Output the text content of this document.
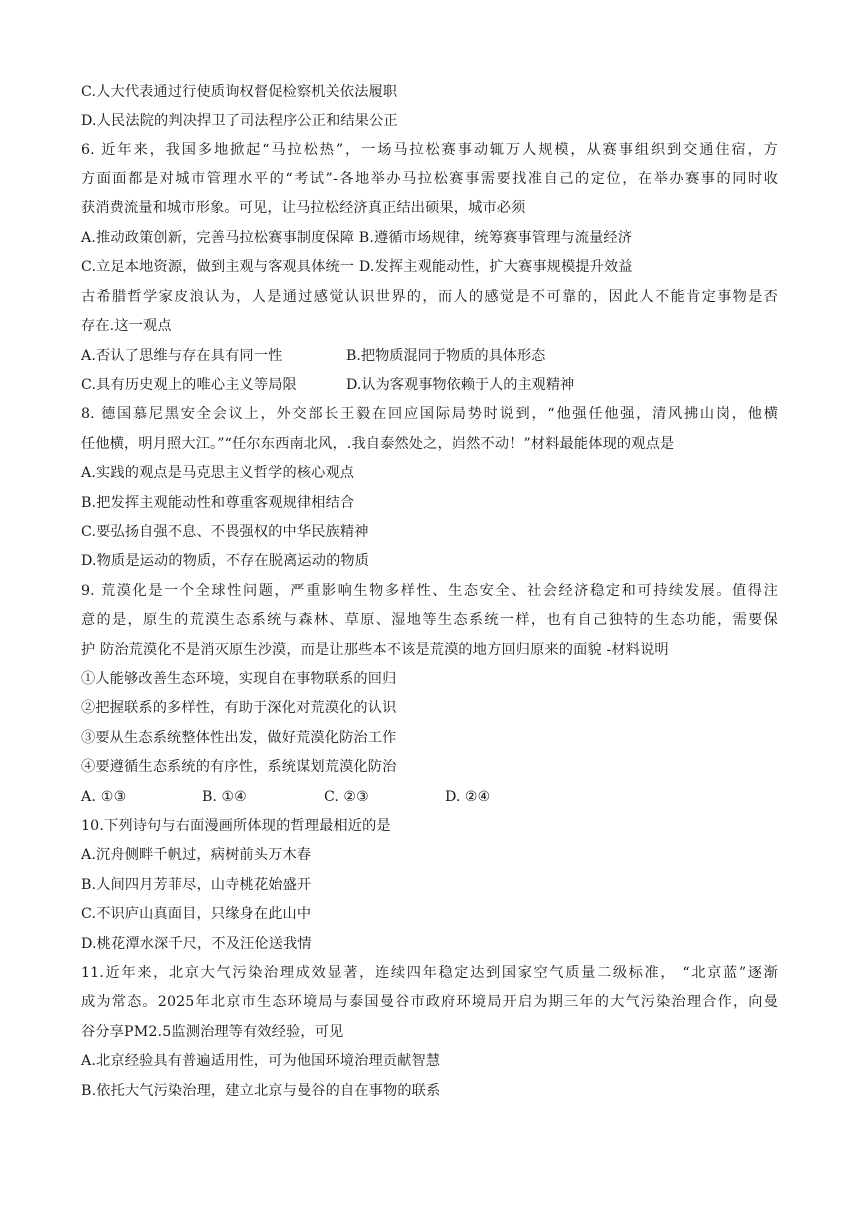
C.人大代表通过行使质询权督促检察机关依法履职
D.人民法院的判决捍卫了司法程序公正和结果公正
6. 近年来，我国多地掀起“马拉松热”，一场马拉松赛事动辄万人规模，从赛事组织到交通住宿，方
方面面都是对城市管理水平的“考试”-各地举办马拉松赛事需要找准自己的定位，在举办赛事的同时收
获消费流量和城市形象。可见，让马拉松经济真正结出硕果，城市必须
A.推动政策创新，完善马拉松赛事制度保障 B.遵循市场规律，统筹赛事管理与流量经济
C.立足本地资源，做到主观与客观具体统一 D.发挥主观能动性，扩大赛事规模提升效益
古希腊哲学家皮浪认为，人是通过感觉认识世界的，而人的感觉是不可靠的，因此人不能肯定事物是否
存在.这一观点
A.否认了思维与存在具有同一性	B.把物质混同于物质的具体形态
C.具有历史观上的唯心主义等局限	D.认为客观事物依赖于人的主观精神
8. 德国慕尼黑安全会议上，外交部长王毅在回应国际局势时说到，“他强任他强，清风拂山岗，他横
任他横，明月照大江。”“任尔东西南北风，.我自泰然处之，岿然不动！”材料最能体现的观点是
A.实践的观点是马克思主义哲学的核心观点
B.把发挥主观能动性和尊重客观规律相结合
C.要弘扬自强不息、不畏强权的中华民族精神
D.物质是运动的物质，不存在脱离运动的物质
9. 荒漠化是一个全球性问题，严重影响生物多样性、生态安全、社会经济稳定和可持续发展。值得注
意的是，原生的荒漠生态系统与森林、草原、湿地等生态系统一样，也有自己独特的生态功能，需要保
护 防治荒漠化不是消灭原生沙漠，而是让那些本不该是荒漠的地方回归原来的面貌 -材料说明
①人能够改善生态环境，实现自在事物联系的回归
②把握联系的多样性，有助于深化对荒漠化的认识
③要从生态系统整体性出发，做好荒漠化防治工作
④要遵循生态系统的有序性，系统谋划荒漠化防治
A. ①③	B. ①④	C. ②③	D. ②④
10.下列诗句与右面漫画所体现的哲理最相近的是
A.沉舟侧畔千帆过，病树前头万木春
B.人间四月芳菲尽，山寺桃花始盛开
C.不识庐山真面目，只缘身在此山中
D.桃花潭水深千尺，不及汪伦送我情
11.近年来，北京大气污染治理成效显著，连续四年稳定达到国家空气质量二级标准， “北京蓝”逐渐
成为常态。2025年北京市生态环境局与泰国曼谷市政府环境局开启为期三年的大气污染治理合作，向曼
谷分享PM2.5监测治理等有效经验，可见
A.北京经验具有普遍适用性，可为他国环境治理贡献智慧
B.依托大气污染治理，建立北京与曼谷的自在事物的联系
